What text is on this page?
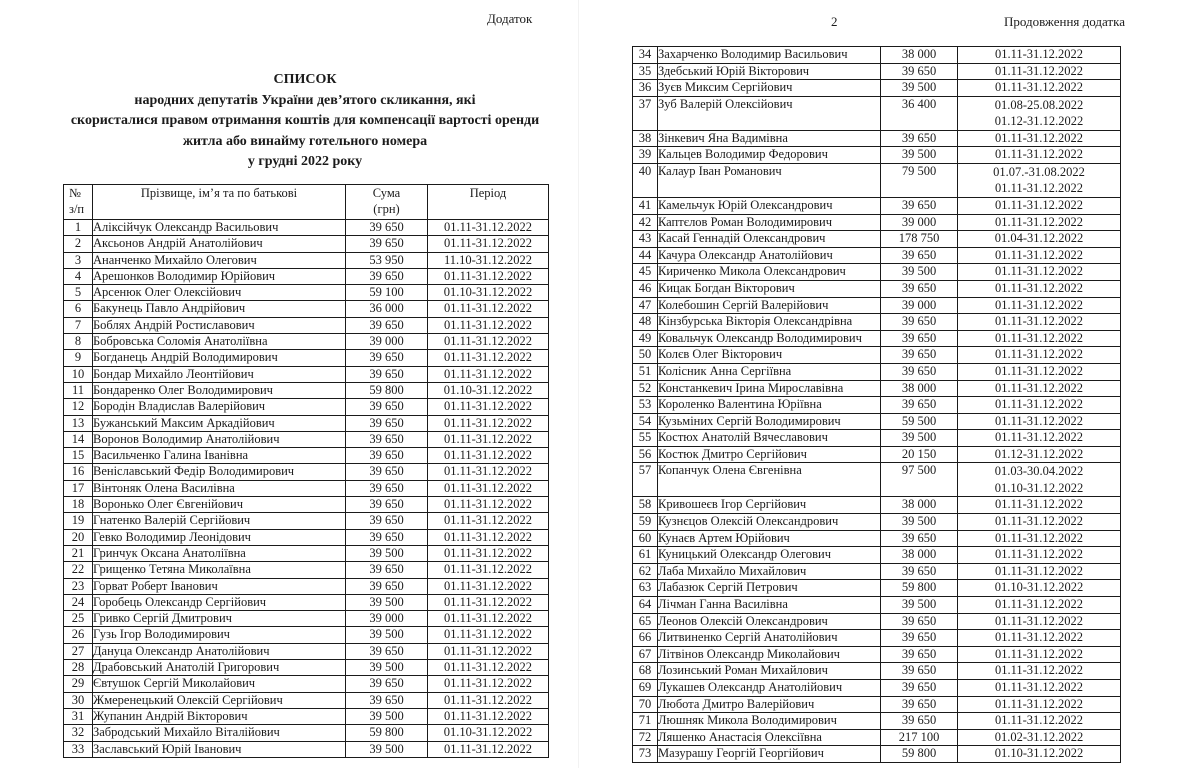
Додаток
СПИСОК
народних депутатів України дев’ятого скликання, які
скористалися правом отримання коштів для компенсації вартості оренди
житла або винайму готельного номера
у грудні 2022 року
№
з/п
	Прізвище, ім’я та по батькові	Сума
(грн)
	Період
1	Аліксійчук Олександр Васильович	39 650	01.11-31.12.2022

2	Аксьонов Андрій Анатолійович	39 650	01.11-31.12.2022

3	Ананченко Михайло Олегович	53 950	11.10-31.12.2022

4	Арешонков Володимир Юрійович	39 650	01.11-31.12.2022

5	Арсенюк Олег Олексійович	59 100	01.10-31.12.2022

6	Бакунець Павло Андрійович	36 000	01.11-31.12.2022

7	Боблях Андрій Ростиславович	39 650	01.11-31.12.2022

8	Бобровська Соломія Анатоліївна	39 000	01.11-31.12.2022

9	Богданець Андрій Володимирович	39 650	01.11-31.12.2022

10	Бондар Михайло Леонтійович	39 650	01.11-31.12.2022

11	Бондаренко Олег Володимирович	59 800	01.10-31.12.2022

12	Бородін Владислав Валерійович	39 650	01.11-31.12.2022

13	Бужанський Максим Аркадійович	39 650	01.11-31.12.2022

14	Воронов Володимир Анатолійович	39 650	01.11-31.12.2022

15	Васильченко Галина Іванівна	39 650	01.11-31.12.2022

16	Веніславський Федір Володимирович	39 650	01.11-31.12.2022

17	Вінтоняк Олена Василівна	39 650	01.11-31.12.2022

18	Воронько Олег Євгенійович	39 650	01.11-31.12.2022

19	Гнатенко Валерій Сергійович	39 650	01.11-31.12.2022

20	Гевко Володимир Леонідович	39 650	01.11-31.12.2022

21	Гринчук Оксана Анатоліївна	39 500	01.11-31.12.2022

22	Грищенко Тетяна Миколаївна	39 650	01.11-31.12.2022

23	Горват Роберт Іванович	39 650	01.11-31.12.2022

24	Горобець Олександр Сергійович	39 500	01.11-31.12.2022

25	Гривко Сергій Дмитрович	39 000	01.11-31.12.2022

26	Гузь Ігор Володимирович	39 500	01.11-31.12.2022

27	Дануца Олександр Анатолійович	39 650	01.11-31.12.2022

28	Драбовський Анатолій Григорович	39 500	01.11-31.12.2022

29	Євтушок Сергій Миколайович	39 650	01.11-31.12.2022

30	Жмеренецький Олексій Сергійович	39 650	01.11-31.12.2022

31	Жупанин Андрій Вікторович	39 500	01.11-31.12.2022

32	Забродський Михайло Віталійович	59 800	01.10-31.12.2022

33	Заславський Юрій Іванович	39 500	01.11-31.12.2022
2	Продовження додатка
34	Захарченко Володимир Васильович	38 000	01.11-31.12.2022

35	Здебський Юрій Вікторович	39 650	01.11-31.12.2022

36	Зуєв Миксим Сергійович	39 500	01.11-31.12.2022

37	Зуб Валерій Олексійович	36 400	01.08-25.08.2022
01.12-31.12.2022

38	Зінкевич Яна Вадимівна	39 650	01.11-31.12.2022

39	Кальцев Володимир Федорович	39 500	01.11-31.12.2022

40	Калаур Іван Романович	79 500	01.07.-31.08.2022
01.11-31.12.2022

41	Камельчук Юрій Олександрович	39 650	01.11-31.12.2022

42	Каптєлов Роман Володимирович	39 000	01.11-31.12.2022

43	Касай Геннадій Олександрович	178 750	01.04-31.12.2022

44	Качура Олександр Анатолійович	39 650	01.11-31.12.2022

45	Кириченко Микола Олександрович	39 500	01.11-31.12.2022

46	Кицак Богдан Вікторович	39 650	01.11-31.12.2022

47	Колебошин Сергій Валерійович	39 000	01.11-31.12.2022

48	Кінзбурська Вікторія Олександрівна	39 650	01.11-31.12.2022

49	Ковальчук Олександр Володимирович	39 650	01.11-31.12.2022

50	Колєв Олег Вікторович	39 650	01.11-31.12.2022

51	Колісник Анна Сергіївна	39 650	01.11-31.12.2022

52	Констанкевич Ірина Мирославівна	38 000	01.11-31.12.2022

53	Короленко Валентина Юріївна	39 650	01.11-31.12.2022

54	Кузьміних Сергій Володимирович	59 500	01.11-31.12.2022

55	Костюх Анатолій Вячеславович	39 500	01.11-31.12.2022

56	Костюк Дмитро Сергійович	20 150	01.12-31.12.2022

57	Копанчук Олена Євгенівна	97 500	01.03-30.04.2022
01.10-31.12.2022

58	Кривошеєв Ігор Сергійович	38 000	01.11-31.12.2022

59	Кузнєцов Олексій Олександрович	39 500	01.11-31.12.2022

60	Кунаєв Артем Юрійович	39 650	01.11-31.12.2022

61	Куницький Олександр Олегович	38 000	01.11-31.12.2022

62	Лаба Михайло Михайлович	39 650	01.11-31.12.2022

63	Лабазюк Сергій Петрович	59 800	01.10-31.12.2022

64	Лічман Ганна Василівна	39 500	01.11-31.12.2022

65	Леонов Олексій Олександрович	39 650	01.11-31.12.2022

66	Литвиненко Сергій Анатолійович	39 650	01.11-31.12.2022

67	Літвінов Олександр Миколайович	39 650	01.11-31.12.2022

68	Лозинський Роман Михайлович	39 650	01.11-31.12.2022

69	Лукашев Олександр Анатолійович	39 650	01.11-31.12.2022

70	Любота Дмитро Валерійович	39 650	01.11-31.12.2022

71	Люшняк Микола Володимирович	39 650	01.11-31.12.2022

72	Ляшенко Анастасія Олексіївна	217 100	01.02-31.12.2022

73	Мазурашу Георгій Георгійович	59 800	01.10-31.12.2022
